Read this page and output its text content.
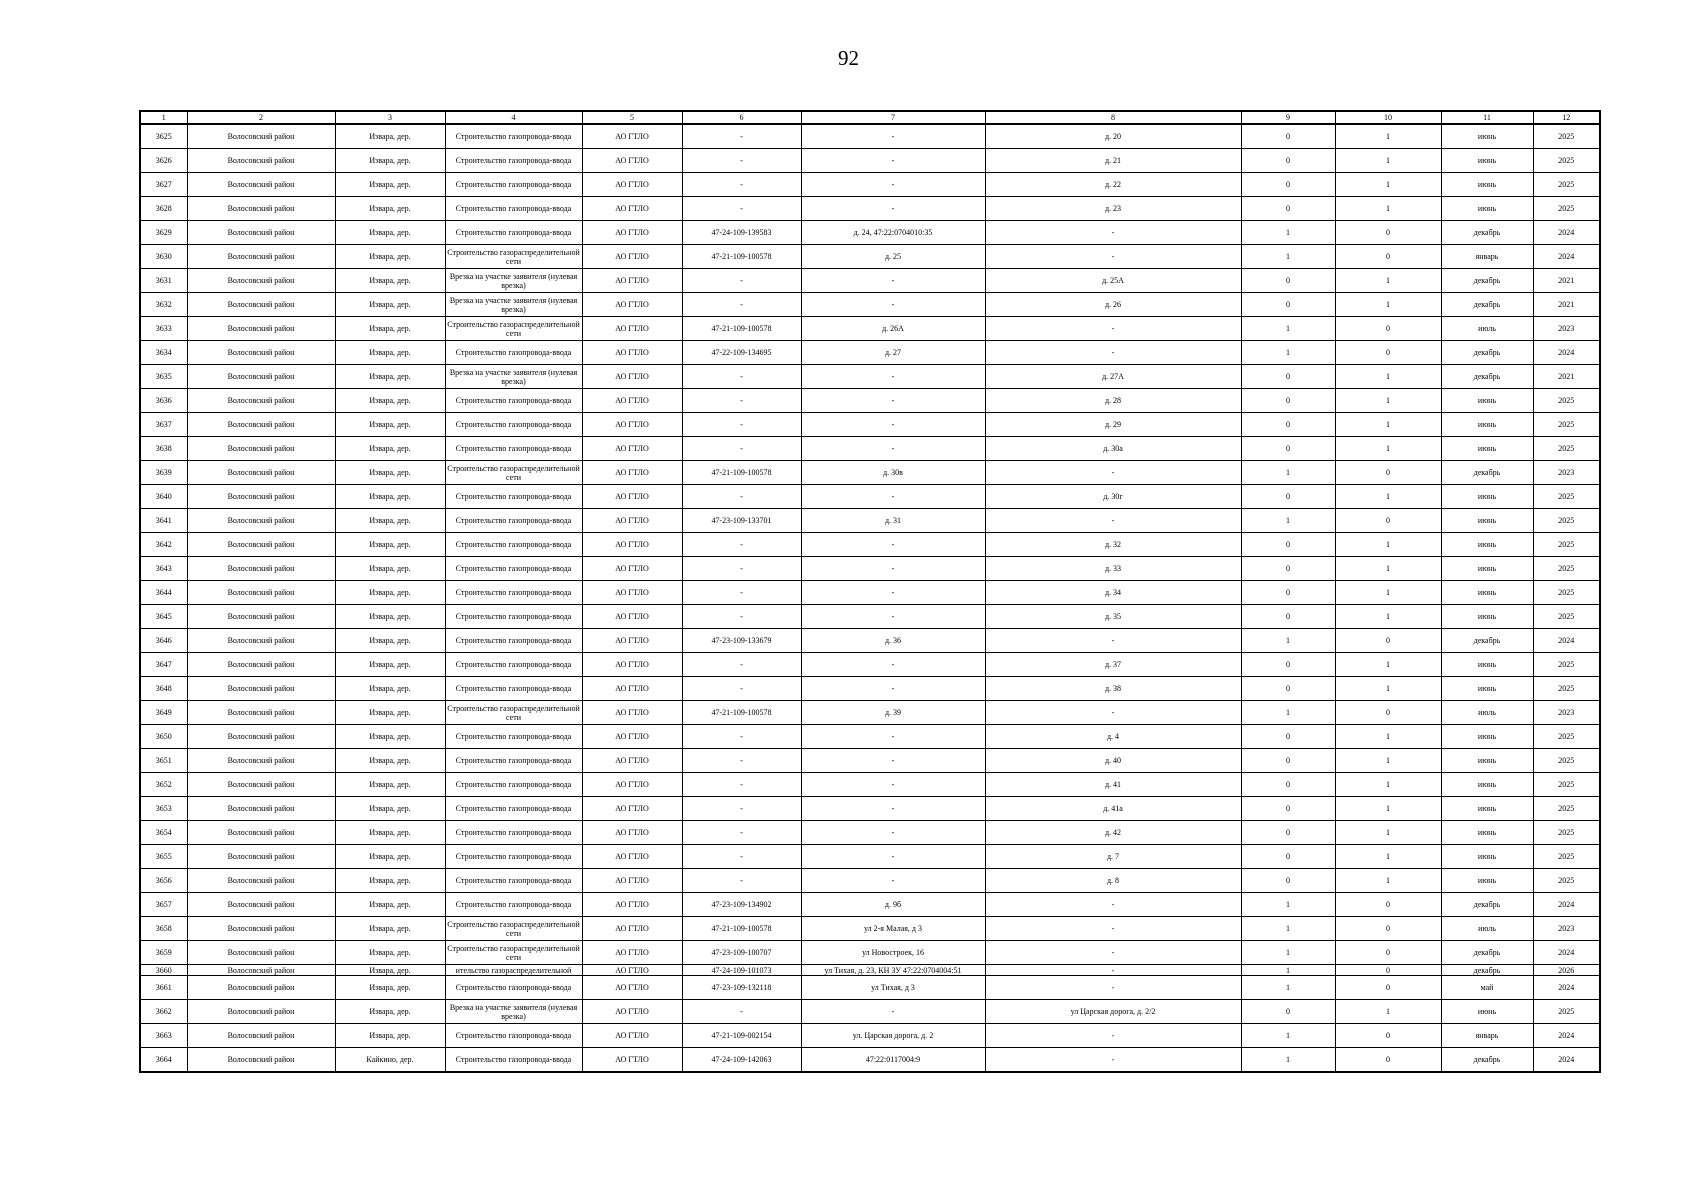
92
1	2	3	4	5	6	7	8	9	10	11	12
3625	Волосовский район	Извара, дер.	Строительство газопровода-ввода	АО ГТЛО	-	-	д. 20	0	1	июнь	2025
3626	Волосовский район	Извара, дер.	Строительство газопровода-ввода	АО ГТЛО	-	-	д. 21	0	1	июнь	2025
3627	Волосовский район	Извара, дер.	Строительство газопровода-ввода	АО ГТЛО	-	-	д. 22	0	1	июнь	2025
3628	Волосовский район	Извара, дер.	Строительство газопровода-ввода	АО ГТЛО	-	-	д. 23	0	1	июнь	2025
3629	Волосовский район	Извара, дер.	Строительство газопровода-ввода	АО ГТЛО	47-24-109-139583	д. 24, 47:22:0704010:35	-	1	0	декабрь	2024
3630	Волосовский район	Извара, дер.	Строительство газораспределительной сети	АО ГТЛО	47-21-109-100578	д. 25	-	1	0	январь	2024
3631	Волосовский район	Извара, дер.	Врезка на участке заявителя (нулевая врезка)	АО ГТЛО	-	-	д. 25А	0	1	декабрь	2021
3632	Волосовский район	Извара, дер.	Врезка на участке заявителя (нулевая врезка)	АО ГТЛО	-	-	д. 26	0	1	декабрь	2021
3633	Волосовский район	Извара, дер.	Строительство газораспределительной сети	АО ГТЛО	47-21-109-100578	д. 26А	-	1	0	июль	2023
3634	Волосовский район	Извара, дер.	Строительство газопровода-ввода	АО ГТЛО	47-22-109-134695	д. 27	-	1	0	декабрь	2024
3635	Волосовский район	Извара, дер.	Врезка на участке заявителя (нулевая врезка)	АО ГТЛО	-	-	д. 27А	0	1	декабрь	2021
3636	Волосовский район	Извара, дер.	Строительство газопровода-ввода	АО ГТЛО	-	-	д. 28	0	1	июнь	2025
3637	Волосовский район	Извара, дер.	Строительство газопровода-ввода	АО ГТЛО	-	-	д. 29	0	1	июнь	2025
3638	Волосовский район	Извара, дер.	Строительство газопровода-ввода	АО ГТЛО	-	-	д. 30а	0	1	июнь	2025
3639	Волосовский район	Извара, дер.	Строительство газораспределительной сети	АО ГТЛО	47-21-109-100578	д. 30в	-	1	0	декабрь	2023
3640	Волосовский район	Извара, дер.	Строительство газопровода-ввода	АО ГТЛО	-	-	д. 30г	0	1	июнь	2025
3641	Волосовский район	Извара, дер.	Строительство газопровода-ввода	АО ГТЛО	47-23-109-133701	д. 31	-	1	0	июнь	2025
3642	Волосовский район	Извара, дер.	Строительство газопровода-ввода	АО ГТЛО	-	-	д. 32	0	1	июнь	2025
3643	Волосовский район	Извара, дер.	Строительство газопровода-ввода	АО ГТЛО	-	-	д. 33	0	1	июнь	2025
3644	Волосовский район	Извара, дер.	Строительство газопровода-ввода	АО ГТЛО	-	-	д. 34	0	1	июнь	2025
3645	Волосовский район	Извара, дер.	Строительство газопровода-ввода	АО ГТЛО	-	-	д. 35	0	1	июнь	2025
3646	Волосовский район	Извара, дер.	Строительство газопровода-ввода	АО ГТЛО	47-23-109-133679	д. 36	-	1	0	декабрь	2024
3647	Волосовский район	Извара, дер.	Строительство газопровода-ввода	АО ГТЛО	-	-	д. 37	0	1	июнь	2025
3648	Волосовский район	Извара, дер.	Строительство газопровода-ввода	АО ГТЛО	-	-	д. 38	0	1	июнь	2025
3649	Волосовский район	Извара, дер.	Строительство газораспределительной сети	АО ГТЛО	47-21-109-100578	д. 39	-	1	0	июль	2023
3650	Волосовский район	Извара, дер.	Строительство газопровода-ввода	АО ГТЛО	-	-	д. 4	0	1	июнь	2025
3651	Волосовский район	Извара, дер.	Строительство газопровода-ввода	АО ГТЛО	-	-	д. 40	0	1	июнь	2025
3652	Волосовский район	Извара, дер.	Строительство газопровода-ввода	АО ГТЛО	-	-	д. 41	0	1	июнь	2025
3653	Волосовский район	Извара, дер.	Строительство газопровода-ввода	АО ГТЛО	-	-	д. 41а	0	1	июнь	2025
3654	Волосовский район	Извара, дер.	Строительство газопровода-ввода	АО ГТЛО	-	-	д. 42	0	1	июнь	2025
3655	Волосовский район	Извара, дер.	Строительство газопровода-ввода	АО ГТЛО	-	-	д. 7	0	1	июнь	2025
3656	Волосовский район	Извара, дер.	Строительство газопровода-ввода	АО ГТЛО	-	-	д. 8	0	1	июнь	2025
3657	Волосовский район	Извара, дер.	Строительство газопровода-ввода	АО ГТЛО	47-23-109-134902	д. 9б	-	1	0	декабрь	2024
3658	Волосовский район	Извара, дер.	Строительство газораспределительной сети	АО ГТЛО	47-21-109-100578	ул 2-я Малая, д 3	-	1	0	июль	2023
3659	Волосовский район	Извара, дер.	Строительство газораспределительной сети	АО ГТЛО	47-23-109-100707	ул Новостроек, 16	-	1	0	декабрь	2024
3660	Волосовский район	Извара, дер.	ительство газораспределительной	АО ГТЛО	47-24-109-101073	ул Тихая, д. 23, КН ЗУ 47:22:0704004:51	-	1	0	декабрь	2026
3661	Волосовский район	Извара, дер.	Строительство газопровода-ввода	АО ГТЛО	47-23-109-132118	ул Тихая, д 3	-	1	0	май	2024
3662	Волосовский район	Извара, дер.	Врезка на участке заявителя (нулевая врезка)	АО ГТЛО	-	-	ул Царская дорога, д. 2/2	0	1	июнь	2025
3663	Волосовский район	Извара, дер.	Строительство газопровода-ввода	АО ГТЛО	47-21-109-002154	ул. Царская дорога, д. 2	-	1	0	январь	2024
3664	Волосовский район	Кайкино, дер.	Строительство газопровода-ввода	АО ГТЛО	47-24-109-142063	47:22:0117004:9	-	1	0	декабрь	2024
